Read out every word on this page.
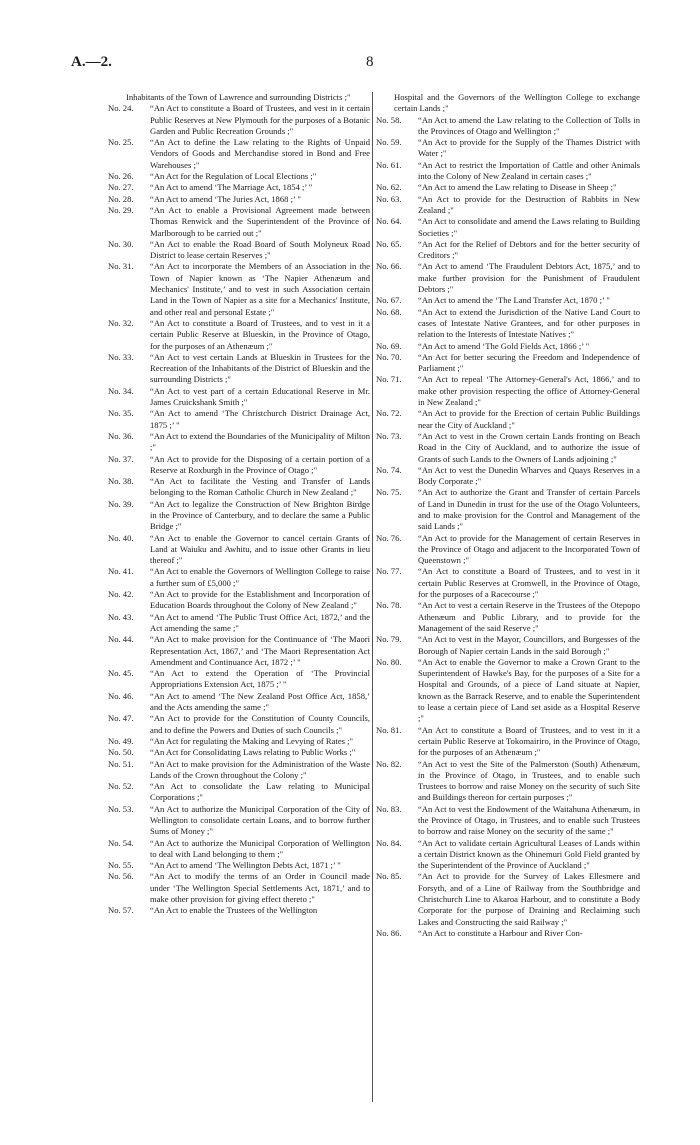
A.—2.	8
Inhabitants of the Town of Lawrence and surrounding Districts ;"
No. 24. “An Act to constitute a Board of Trustees, and vest in it certain Public Reserves at New Plymouth for the purposes of a Botanic Garden and Public Recreation Grounds ;"
No. 25. “An Act to define the Law relating to the Rights of Unpaid Vendors of Goods and Merchandise stored in Bond and Free Warehouses ;"
No. 26. “An Act for the Regulation of Local Elections ;"
No. 27. “An Act to amend ‘The Marriage Act, 1854 ;’ "
No. 28. “An Act to amend ‘The Juries Act, 1868 ;’ "
No. 29. “An Act to enable a Provisional Agreement made between Thomas Renwick and the Superintendent of the Province of Marlborough to be carried out ;"
No. 30. “An Act to enable the Road Board of South Molyneux Road District to lease certain Reserves ;"
No. 31. “An Act to incorporate the Members of an Association in the Town of Napier known as ‘The Napier Athenæum and Mechanics' Institute,’ and to vest in such Association certain Land in the Town of Napier as a site for a Mechanics' Institute, and other real and personal Estate ;"
No. 32. “An Act to constitute a Board of Trustees, and to vest in it a certain Public Reserve at Blueskin, in the Province of Otago, for the purposes of an Athenæum ;"
No. 33. “An Act to vest certain Lands at Blueskin in Trustees for the Recreation of the Inhabitants of the District of Blueskin and the surrounding Districts ;"
No. 34. “An Act to vest part of a certain Educational Reserve in Mr. James Cruickshank Smith ;"
No. 35. “An Act to amend ‘The Christchurch District Drainage Act, 1875 ;’ "
No. 36. “An Act to extend the Boundaries of the Municipality of Milton ;"
No. 37. “An Act to provide for the Disposing of a certain portion of a Reserve at Roxburgh in the Province of Otago ;"
No. 38. “An Act to facilitate the Vesting and Transfer of Lands belonging to the Roman Catholic Church in New Zealand ;"
No. 39. “An Act to legalize the Construction of New Brighton Birdge in the Province of Canterbury, and to declare the same a Public Bridge ;"
No. 40. “An Act to enable the Governor to cancel certain Grants of Land at Waiuku and Awhitu, and to issue other Grants in lieu thereof ;"
No. 41. “An Act to enable the Governors of Wellington College to raise a further sum of £5,000 ;"
No. 42. “An Act to provide for the Establishment and Incorporation of Education Boards throughout the Colony of New Zealand ;"
No. 43. “An Act to amend ‘The Public Trust Office Act, 1872,’ and the Act amending the same ;"
No. 44. “An Act to make provision for the Continuance of ‘The Maori Representation Act, 1867,’ and ‘The Maori Representation Act Amendment and Continuance Act, 1872 ;’ "
No. 45. “An Act to extend the Operation of ‘The Provincial Appropriations Extension Act, 1875 ;’ "
No. 46. “An Act to amend ‘The New Zealand Post Office Act, 1858,’ and the Acts amending the same ;"
No. 47. “An Act to provide for the Constitution of County Councils, and to define the Powers and Duties of such Councils ;"
No. 49. “An Act for regulating the Making and Levying of Rates ;"
No. 50. “An Act for Consolidating Laws relating to Public Works ;"
No. 51. “An Act to make provision for the Administration of the Waste Lands of the Crown throughout the Colony ;"
No. 52. “An Act to consolidate the Law relating to Municipal Corporations ;"
No. 53. “An Act to authorize the Municipal Corporation of the City of Wellington to consolidate certain Loans, and to borrow further Sums of Money ;"
No. 54. “An Act to authorize the Municipal Corporation of Wellington to deal with Land belonging to them ;"
No. 55. “An Act to amend ‘The Wellington Debts Act, 1871 ;’ "
No. 56. “An Act to modify the terms of an Order in Council made under ‘The Wellington Special Settlements Act, 1871,’ and to make other provision for giving effect thereto ;"
No. 57. “An Act to enable the Trustees of the Wellington
Hospital and the Governors of the Wellington College to exchange certain Lands ;"
No. 58. “An Act to amend the Law relating to the Collection of Tolls in the Provinces of Otago and Wellington ;"
No. 59. “An Act to provide for the Supply of the Thames District with Water ;"
No. 61. “An Act to restrict the Importation of Cattle and other Animals into the Colony of New Zealand in certain cases ;"
No. 62. “An Act to amend the Law relating to Disease in Sheep ;"
No. 63. “An Act to provide for the Destruction of Rabbits in New Zealand ;"
No. 64. “An Act to consolidate and amend the Laws relating to Building Societies ;"
No. 65. “An Act for the Relief of Debtors and for the better security of Creditors ;"
No. 66. “An Act to amend ‘The Fraudulent Debtors Act, 1875,’ and to make further provision for the Punishment of Fraudulent Debtors ;"
No. 67. “An Act to amend the ‘The Land Transfer Act, 1870 ;’ "
No. 68. “An Act to extend the Jurisdiction of the Native Land Court to cases of Intestate Native Grantees, and for other purposes in relation to the Interests of Intestate Natives ;"
No. 69. “An Act to amend ‘The Gold Fields Act, 1866 ;’ "
No. 70. “An Act for better securing the Freedom and Independence of Parliament ;"
No. 71. “An Act to repeal ‘The Attorney-General's Act, 1866,’ and to make other provision respecting the office of Attorney-General in New Zealand ;"
No. 72. “An Act to provide for the Erection of certain Public Buildings near the City of Auckland ;"
No. 73. “An Act to vest in the Crown certain Lands fronting on Beach Road in the City of Auckland, and to authorize the issue of Grants of such Lands to the Owners of Lands adjoining ;"
No. 74. “An Act to vest the Dunedin Wharves and Quays Reserves in a Body Corporate ;"
No. 75. “An Act to authorize the Grant and Transfer of certain Parcels of Land in Dunedin in trust for the use of the Otago Volunteers, and to make provision for the Control and Management of the said Lands ;"
No. 76. “An Act to provide for the Management of certain Reserves in the Province of Otago and adjacent to the Incorporated Town of Queenstown ;"
No. 77. “An Act to constitute a Board of Trustees, and to vest in it certain Public Reserves at Cromwell, in the Province of Otago, for the purposes of a Racecourse ;"
No. 78. “An Act to vest a certain Reserve in the Trustees of the Otepopo Athenæum and Public Library, and to provide for the Management of the said Reserve ;"
No. 79. “An Act to vest in the Mayor, Councillors, and Burgesses of the Borough of Napier certain Lands in the said Borough ;"
No. 80. “An Act to enable the Governor to make a Crown Grant to the Superintendent of Hawke's Bay, for the purposes of a Site for a Hospital and Grounds, of a piece of Land situate at Napier, known as the Barrack Reserve, and to enable the Superintendent to lease a certain piece of Land set aside as a Hospital Reserve ;"
No. 81. “An Act to constitute a Board of Trustees, and to vest in it a certain Public Reserve at Tokomairiro, in the Province of Otago, for the purposes of an Athenæum ;"
No. 82. “An Act to vest the Site of the Palmerston (South) Athenæum, in the Province of Otago, in Trustees, and to enable such Trustees to borrow and raise Money on the security of such Site and Buildings thereon for certain purposes ;"
No. 83. “An Act to vest the Endowment of the Waitahuna Athenæum, in the Province of Otago, in Trustees, and to enable such Trustees to borrow and raise Money on the security of the same ;"
No. 84. “An Act to validate certain Agricultural Leases of Lands within a certain District known as the Ohinemuri Gold Field granted by the Superintendent of the Province of Auckland ;"
No. 85. “An Act to provide for the Survey of Lakes Ellesmere and Forsyth, and of a Line of Railway from the Southbridge and Christchurch Line to Akaroa Harbour, and to constitute a Body Corporate for the purpose of Draining and Reclaiming such Lakes and Constructing the said Railway ;"
No. 86. “An Act to constitute a Harbour and River Con-
